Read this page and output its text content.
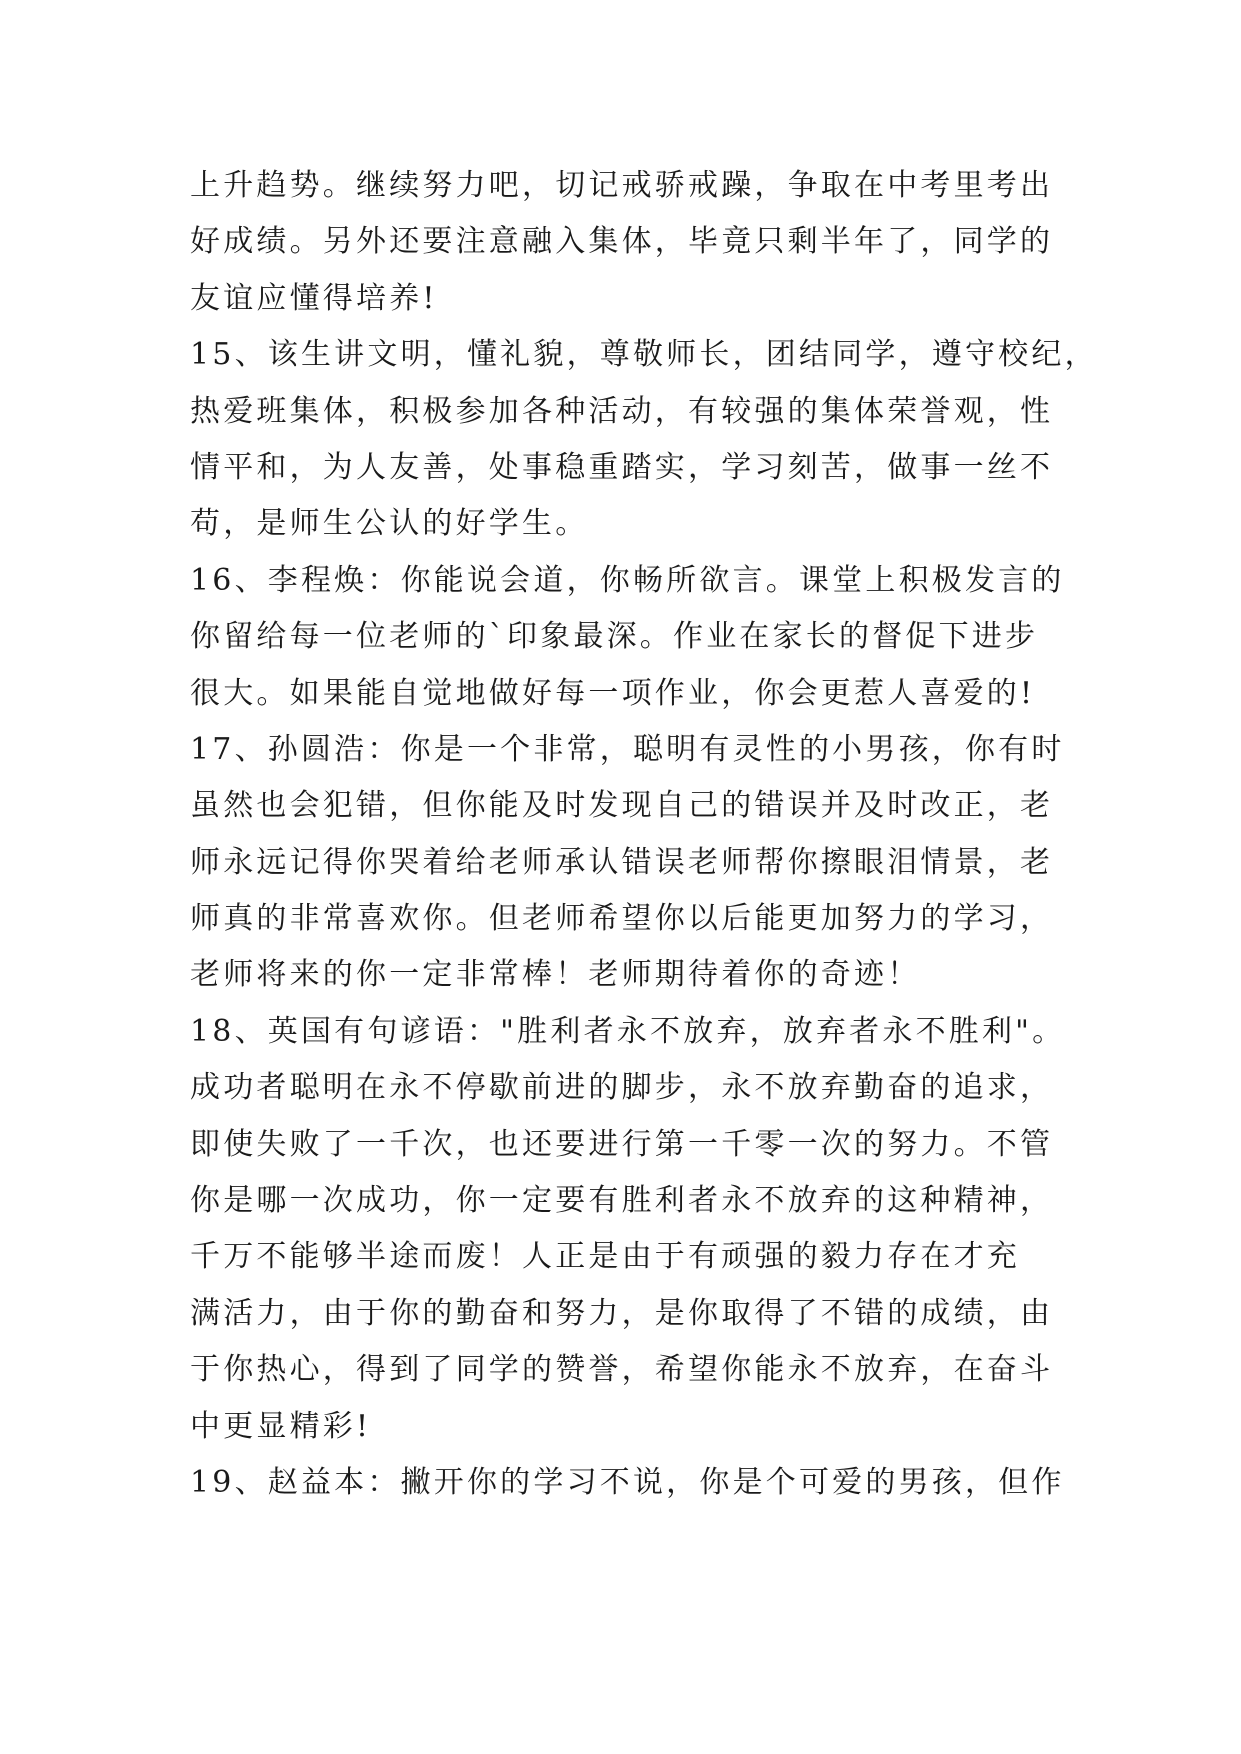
上升趋势。继续努力吧，切记戒骄戒躁，争取在中考里考出
好成绩。另外还要注意融入集体，毕竟只剩半年了，同学的
友谊应懂得培养!
15、该生讲文明，懂礼貌，尊敬师长，团结同学，遵守校纪，
热爱班集体，积极参加各种活动，有较强的集体荣誉观，性
情平和，为人友善，处事稳重踏实，学习刻苦，做事一丝不
苟，是师生公认的好学生。
16、李程焕：你能说会道，你畅所欲言。课堂上积极发言的
你留给每一位老师的`印象最深。作业在家长的督促下进步
很大。如果能自觉地做好每一项作业，你会更惹人喜爱的!
17、孙圆浩：你是一个非常，聪明有灵性的小男孩，你有时
虽然也会犯错，但你能及时发现自己的错误并及时改正，老
师永远记得你哭着给老师承认错误老师帮你擦眼泪情景，老
师真的非常喜欢你。但老师希望你以后能更加努力的学习，
老师将来的你一定非常棒！老师期待着你的奇迹！
18、英国有句谚语："胜利者永不放弃，放弃者永不胜利"。
成功者聪明在永不停歇前进的脚步，永不放弃勤奋的追求，
即使失败了一千次，也还要进行第一千零一次的努力。不管
你是哪一次成功，你一定要有胜利者永不放弃的这种精神，
千万不能够半途而废！人正是由于有顽强的毅力存在才充
满活力，由于你的勤奋和努力，是你取得了不错的成绩，由
于你热心，得到了同学的赞誉，希望你能永不放弃，在奋斗
中更显精彩!
19、赵益本：撇开你的学习不说，你是个可爱的男孩，但作
